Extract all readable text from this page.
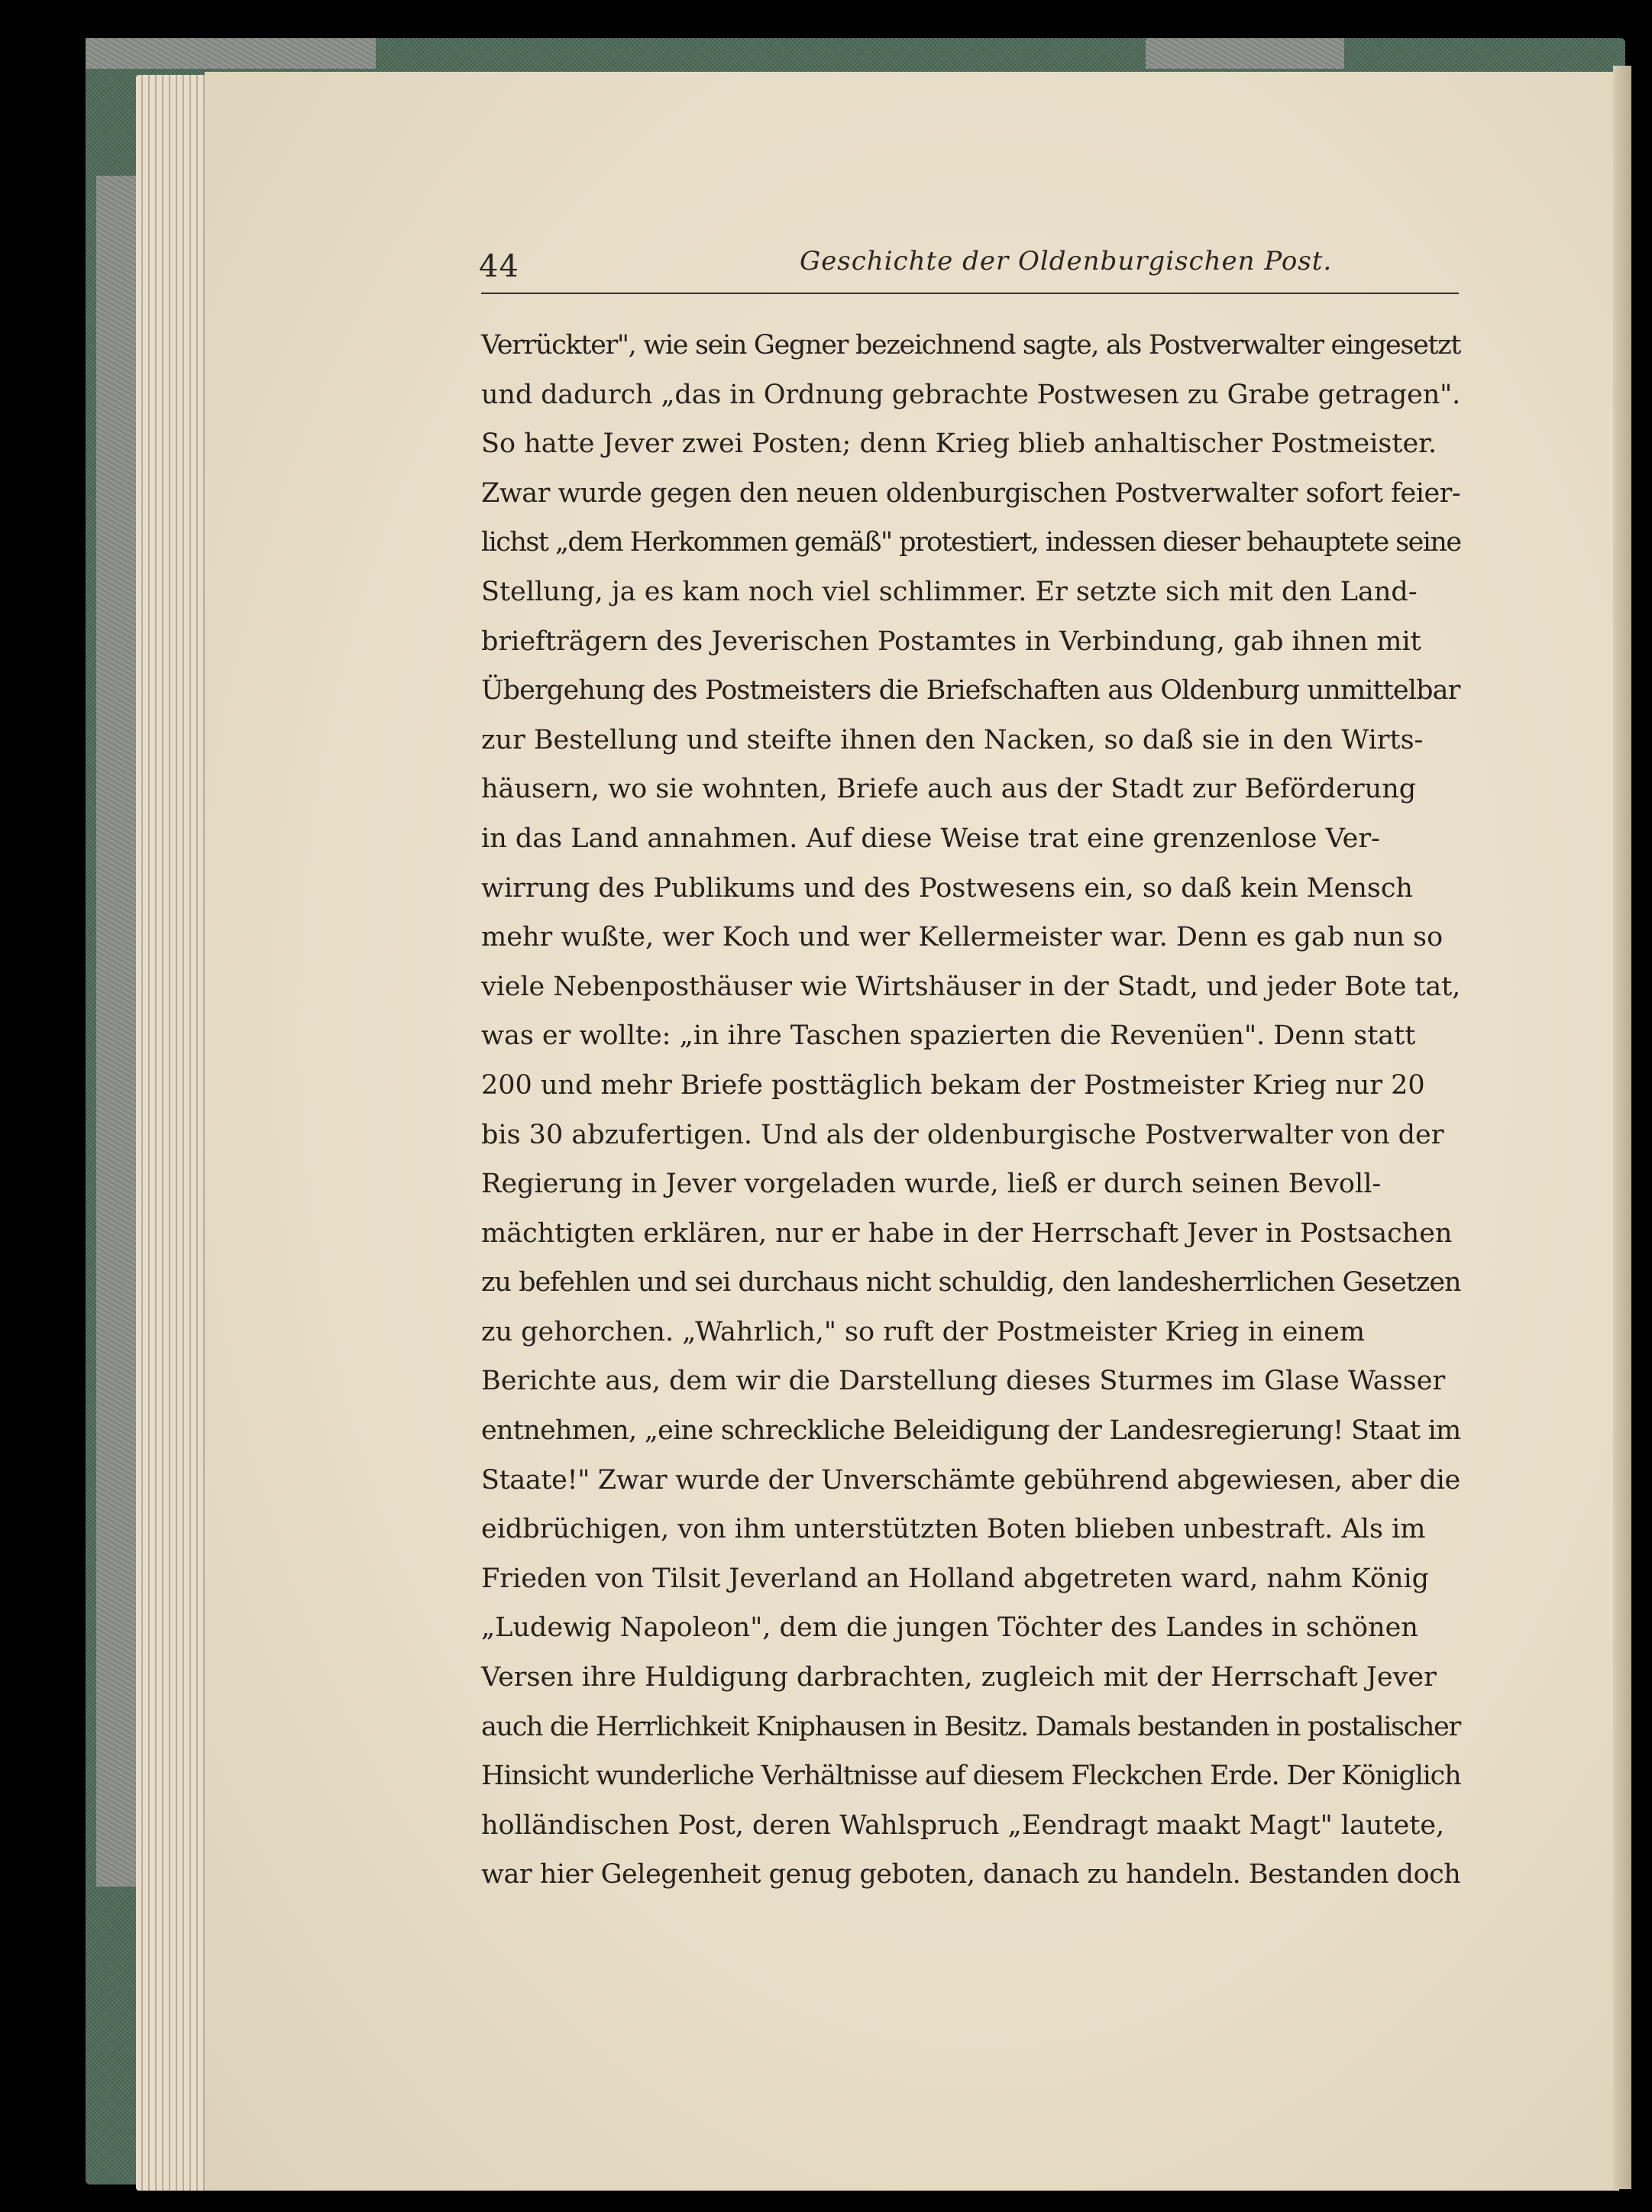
44	Geschichte der Oldenburgischen Post.
Verrückter", wie sein Gegner bezeichnend sagte, als Postverwalter eingesetzt
und dadurch „das in Ordnung gebrachte Postwesen zu Grabe getragen".
So hatte Jever zwei Posten; denn Krieg blieb anhaltischer Postmeister.
Zwar wurde gegen den neuen oldenburgischen Postverwalter sofort feier-
lichst „dem Herkommen gemäß" protestiert, indessen dieser behauptete seine
Stellung, ja es kam noch viel schlimmer. Er setzte sich mit den Land-
briefträgern des Jeverischen Postamtes in Verbindung, gab ihnen mit
Übergehung des Postmeisters die Briefschaften aus Oldenburg unmittelbar
zur Bestellung und steifte ihnen den Nacken, so daß sie in den Wirts-
häusern, wo sie wohnten, Briefe auch aus der Stadt zur Beförderung
in das Land annahmen. Auf diese Weise trat eine grenzenlose Ver-
wirrung des Publikums und des Postwesens ein, so daß kein Mensch
mehr wußte, wer Koch und wer Kellermeister war. Denn es gab nun so
viele Nebenposthäuser wie Wirtshäuser in der Stadt, und jeder Bote tat,
was er wollte: „in ihre Taschen spazierten die Revenüen". Denn statt
200 und mehr Briefe posttäglich bekam der Postmeister Krieg nur 20
bis 30 abzufertigen. Und als der oldenburgische Postverwalter von der
Regierung in Jever vorgeladen wurde, ließ er durch seinen Bevoll-
mächtigten erklären, nur er habe in der Herrschaft Jever in Postsachen
zu befehlen und sei durchaus nicht schuldig, den landesherrlichen Gesetzen
zu gehorchen. „Wahrlich," so ruft der Postmeister Krieg in einem
Berichte aus, dem wir die Darstellung dieses Sturmes im Glase Wasser
entnehmen, „eine schreckliche Beleidigung der Landesregierung! Staat im
Staate!" Zwar wurde der Unverschämte gebührend abgewiesen, aber die
eidbrüchigen, von ihm unterstützten Boten blieben unbestraft. Als im
Frieden von Tilsit Jeverland an Holland abgetreten ward, nahm König
„Ludewig Napoleon", dem die jungen Töchter des Landes in schönen
Versen ihre Huldigung darbrachten, zugleich mit der Herrschaft Jever
auch die Herrlichkeit Kniphausen in Besitz. Damals bestanden in postalischer
Hinsicht wunderliche Verhältnisse auf diesem Fleckchen Erde. Der Königlich
holländischen Post, deren Wahlspruch „Eendragt maakt Magt" lautete,
war hier Gelegenheit genug geboten, danach zu handeln. Bestanden doch
